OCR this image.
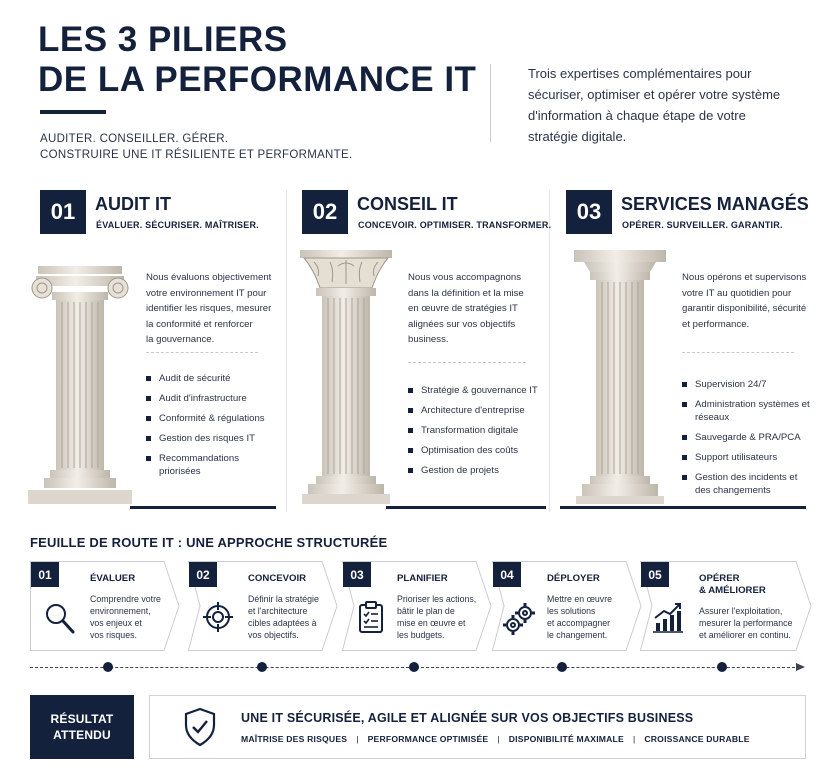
LES 3 PILIERS
DE LA PERFORMANCE IT
AUDITER. CONSEILLER. GÉRER.
CONSTRUIRE UNE IT RÉSILIENTE ET PERFORMANTE.
Trois expertises complémentaires pour
sécuriser, optimiser et opérer votre système
d'information à chaque étape de votre
stratégie digitale.
01	AUDIT IT
ÉVALUER. SÉCURISER. MAÎTRISER.
Nous évaluons objectivement
votre environnement IT pour
identifier les risques, mesurer
la conformité et renforcer
la gouvernance.
Audit de sécurité
Audit d'infrastructure
Conformité & régulations
Gestion des risques IT
Recommandations priorisées
02	CONSEIL IT
CONCEVOIR. OPTIMISER. TRANSFORMER.
Nous vous accompagnons
dans la définition et la mise
en œuvre de stratégies IT
alignées sur vos objectifs
business.
Stratégie & gouvernance IT
Architecture d'entreprise
Transformation digitale
Optimisation des coûts
Gestion de projets
03	SERVICES MANAGÉS
OPÉRER. SURVEILLER. GARANTIR.
Nous opérons et supervisons
votre IT au quotidien pour
garantir disponibilité, sécurité
et performance.
Supervision 24/7
Administration systèmes et réseaux
Sauvegarde & PRA/PCA
Support utilisateurs
Gestion des incidents et des changements
FEUILLE DE ROUTE IT : UNE APPROCHE STRUCTURÉE
01	ÉVALUER
Comprendre votre
environnement,
vos enjeux et
vos risques.
02	CONCEVOIR
Définir la stratégie
et l'architecture
cibles adaptées à
vos objectifs.
03	PLANIFIER
Prioriser les actions,
bâtir le plan de
mise en œuvre et
les budgets.
04	DÉPLOYER
Mettre en œuvre
les solutions
et accompagner
le changement.
05	OPÉRER
& AMÉLIORER
Assurer l'exploitation,
mesurer la performance
et améliorer en continu.
RÉSULTAT
ATTENDU
UNE IT SÉCURISÉE, AGILE ET ALIGNÉE SUR VOS OBJECTIFS BUSINESS
MAÎTRISE DES RISQUES | PERFORMANCE OPTIMISÉE | DISPONIBILITÉ MAXIMALE | CROISSANCE DURABLE
